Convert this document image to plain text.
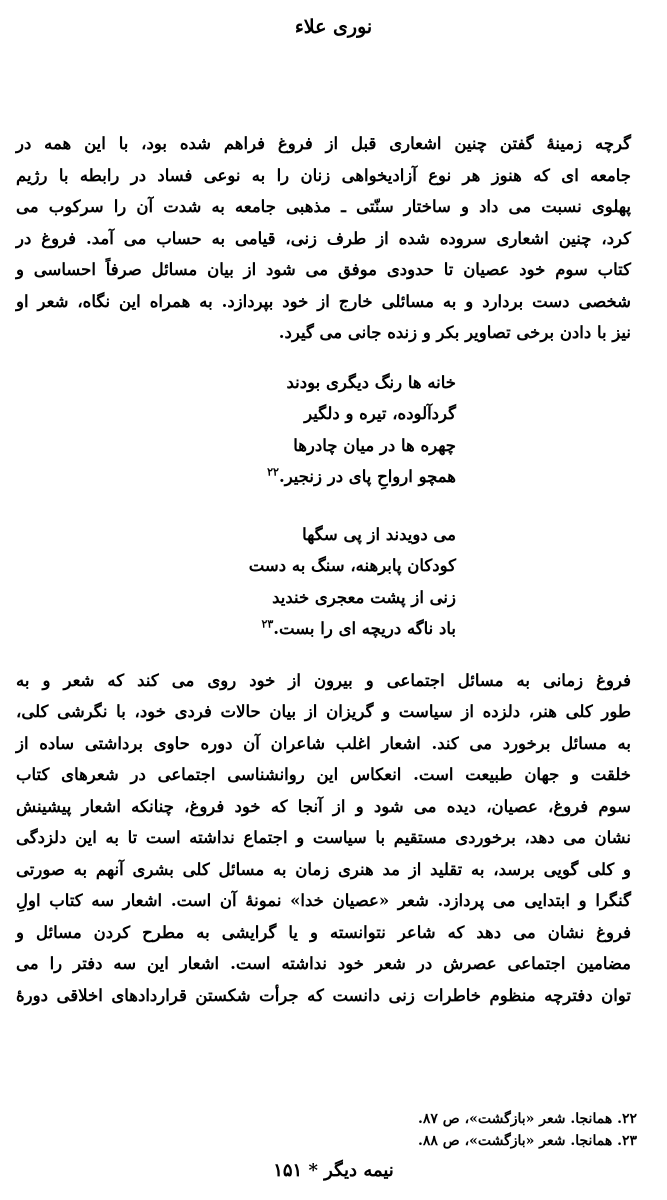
نوری علاء

گرچه زمینهٔ گفتن چنین اشعاری قبل از فروغ فراهم شده بود، با این همه در
جامعه ای که هنوز هر نوع آزادیخواهی زنان را به نوعی فساد در رابطه با رژیم
پهلوی نسبت می داد و ساختار سنّتی ـ مذهبی جامعه به شدت آن را سرکوب می
کرد، چنین اشعاری سروده شده از طرف زنی، قیامی به حساب می آمد. فروغ در
کتاب سوم خود عصیان تا حدودی موفق می شود از بیان مسائل صرفاً احساسی و
شخصی دست بردارد و به مسائلی خارج از خود بپردازد. به همراه این نگاه، شعر او
نیز با دادن برخی تصاویر بکر و زنده جانی می گیرد.

خانه ها رنگ دیگری بودند
گردآلوده، تیره و دلگیر
چهره ها در میان چادرها
همچو ارواحِ پای در زنجیر.$^{۲۲}$
می دویدند از پی سگها
کودکان پابرهنه، سنگ به دست
زنی از پشت معجری خندید
باد ناگه دریچه ای را بست.$^{۲۳}$

فروغ زمانی به مسائل اجتماعی و بیرون از خود روی می کند که شعر و به
طور کلی هنر، دلزده از سیاست و گریزان از بیان حالات فردی خود، با نگرشی کلی،
به مسائل برخورد می کند. اشعار اغلب شاعران آن دوره حاوی برداشتی ساده از
خلقت و جهان طبیعت است. انعکاس این روانشناسی اجتماعی در شعرهای کتاب
سوم فروغ، عصیان، دیده می شود و از آنجا که خود فروغ، چنانکه اشعار پیشینش
نشان می دهد، برخوردی مستقیم با سیاست و اجتماع نداشته است تا به این دلزدگی
و کلی گویی برسد، به تقلید از مد هنری زمان به مسائل کلی بشری آنهم به صورتی
گنگرا و ابتدایی می پردازد. شعر «عصیان خدا» نمونهٔ آن است. اشعار سه کتاب اولِ
فروغ نشان می دهد که شاعر نتوانسته و یا گرایشی به مطرح کردن مسائل و
مضامین اجتماعی عصرش در شعر خود نداشته است. اشعار این سه دفتر را می
توان دفترچه منظوم خاطرات زنی دانست که جرأت شکستن قراردادهای اخلاقی دورهٔ

۲۲. همانجا. شعر «بازگشت»، ص ۸۷.
۲۳. همانجا. شعر «بازگشت»، ص ۸۸.
نیمه دیگر * ۱۵۱
